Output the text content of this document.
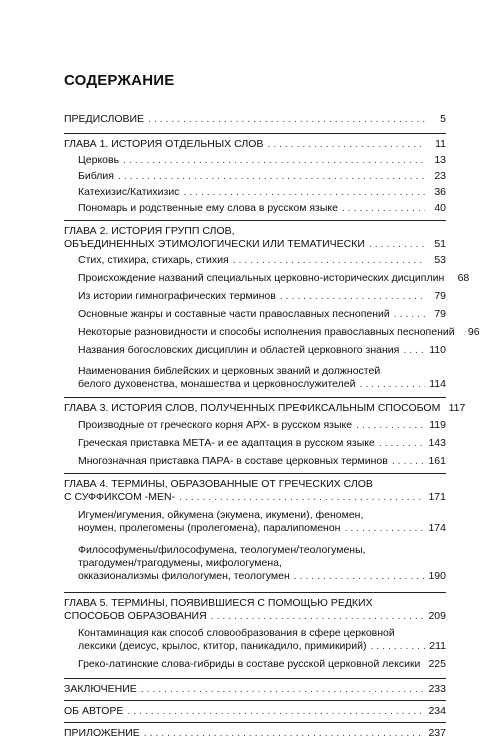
СОДЕРЖАНИЕ
ПРЕДИСЛОВИЕ . . .	5
ГЛАВА 1. ИСТОРИЯ ОТДЕЛЬНЫХ СЛОВ . . .	11
Церковь . . .	13
Библия . . .	23
Катехизис/Катихизис . . .	36
Пономарь и родственные ему слова в русском языке . . .	40
ГЛАВА 2. ИСТОРИЯ ГРУПП СЛОВ,
ОБЪЕДИНЕННЫХ ЭТИМОЛОГИЧЕСКИ ИЛИ ТЕМАТИЧЕСКИ . . .	51
Стих, стихира, стихарь, стихия . . .	53
Происхождение названий специальных церковно-исторических дисциплин	68
Из истории гимнографических терминов . . .	79
Основные жанры и составные части православных песнопений . . .	79
Некоторые разновидности и способы исполнения православных песнопений	96
Названия богословских дисциплин и областей церковного знания . . .	110
Наименования библейских и церковных званий и должностей
белого духовенства, монашества и церковнослужителей . . .	114
ГЛАВА 3. ИСТОРИЯ СЛОВ, ПОЛУЧЕННЫХ ПРЕФИКСАЛЬНЫМ СПОСОБОМ 117
Производные от греческого корня АРХ- в русском языке . . .	119
Греческая приставка МЕТА- и ее адаптация в русском языке . . .	143
Многозначная приставка ПАРА- в составе церковных терминов . . .	161
ГЛАВА 4. ТЕРМИНЫ, ОБРАЗОВАННЫЕ ОТ ГРЕЧЕСКИХ СЛОВ
С СУФФИКСОМ -MEN- . . .	171
Игумен/игумения, ойкумена (экумена, икумени), феномен,
ноумен, пролегомены (пролегомена), паралипоменон . . .	174
Философумены/философумена, теологумен/теологумены,
трагодумен/трагодумены, мифологумена,
окказионализмы филологумен, теологумен . . .	190
ГЛАВА 5. ТЕРМИНЫ, ПОЯВИВШИЕСЯ С ПОМОЩЬЮ РЕДКИХ
СПОСОБОВ ОБРАЗОВАНИЯ . . .	209
Контаминация как способ словообразования в сфере церковной
лексики (деисус, крылос, ктитор, паникадило, примикирий) . . .	211
Греко-латинские слова-гибриды в составе русской церковной лексики . . . 225
ЗАКЛЮЧЕНИЕ . . .	233
ОБ АВТОРЕ . . .	234
ПРИЛОЖЕНИЕ . . .	237
